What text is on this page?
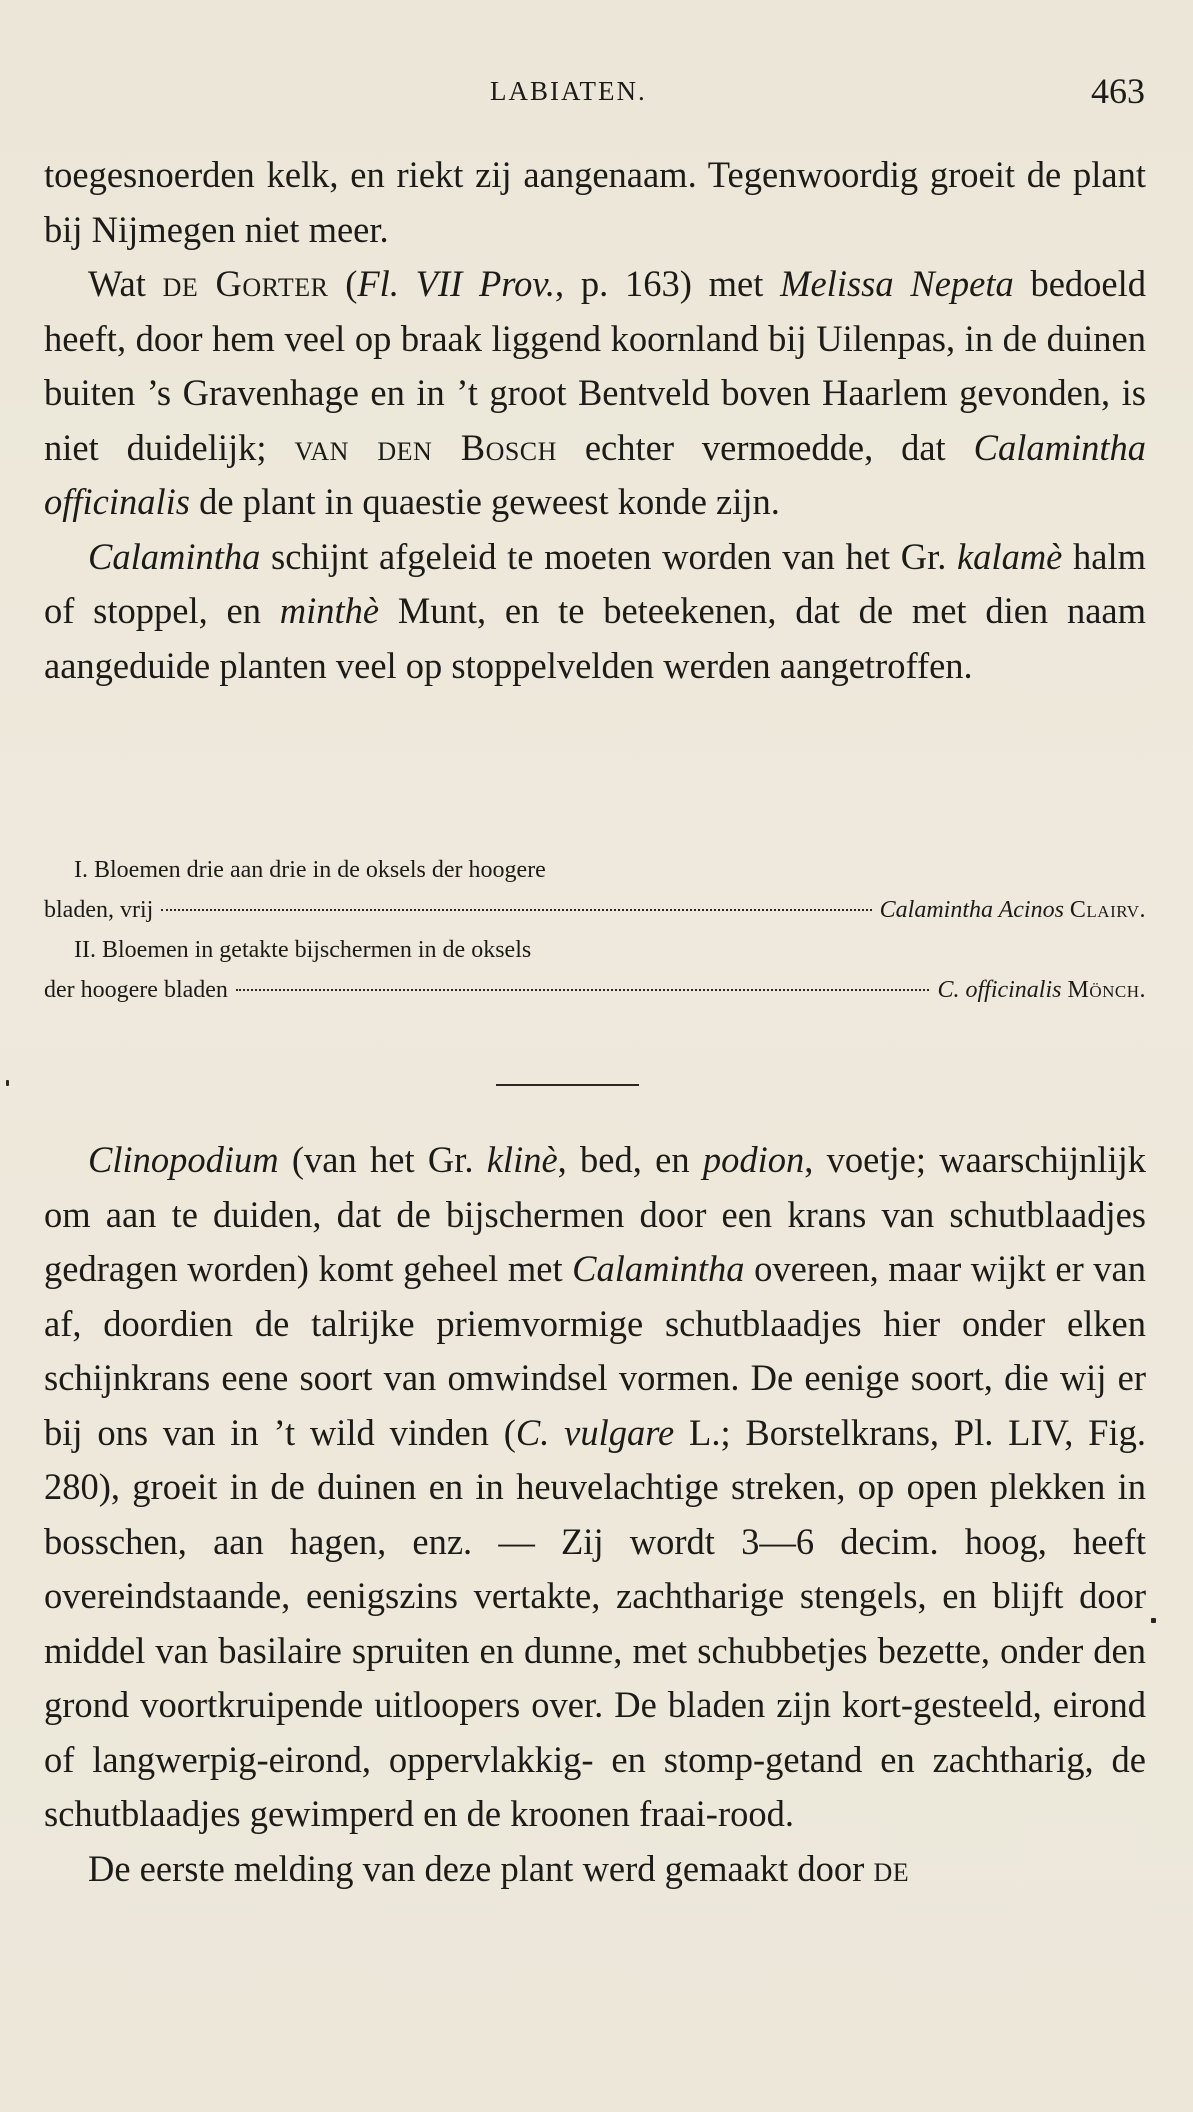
LABIATEN.	463

toegesnoerden kelk, en riekt zij aangenaam. Tegenwoordig groeit de plant bij Nijmegen niet meer.

Wat de Gorter (Fl. VII Prov., p. 163) met Melissa Nepeta bedoeld heeft, door hem veel op braak liggend koornland bij Uilenpas, in de duinen buiten ’s Gravenhage en in ’t groot Bentveld boven Haarlem gevonden, is niet duidelijk; van den Bosch echter vermoedde, dat Calamintha officinalis de plant in quaestie geweest konde zijn.

Calamintha schijnt afgeleid te moeten worden van het Gr. kalamè halm of stoppel, en minthè Munt, en te beteekenen, dat de met dien naam aangeduide planten veel op stoppelvelden werden aangetroffen.

I. Bloemen drie aan drie in de oksels der hoogere
bladen, vrij	Calamintha Acinos Clairv.
II. Bloemen in getakte bijschermen in de oksels
der hoogere bladen	C. officinalis Mönch.

Clinopodium (van het Gr. klinè, bed, en podion, voetje; waarschijnlijk om aan te duiden, dat de bijschermen door een krans van schutblaadjes gedragen worden) komt geheel met Calamintha overeen, maar wijkt er van af, doordien de talrijke priemvormige schutblaadjes hier onder elken schijnkrans eene soort van omwindsel vormen. De eenige soort, die wij er bij ons van in ’t wild vinden (C. vulgare L.; Borstelkrans, Pl. LIV, Fig. 280), groeit in de duinen en in heuvelachtige streken, op open plekken in bosschen, aan hagen, enz. — Zij wordt 3—6 decim. hoog, heeft overeindstaande, eenigszins vertakte, zachtharige stengels, en blijft door middel van basilaire spruiten en dunne, met schubbetjes bezette, onder den grond voortkruipende uitloopers over. De bladen zijn kort-gesteeld, eirond of langwerpig-eirond, oppervlakkig- en stomp-getand en zachtharig, de schutblaadjes gewimperd en de kroonen fraai-rood.

De eerste melding van deze plant werd gemaakt door de
